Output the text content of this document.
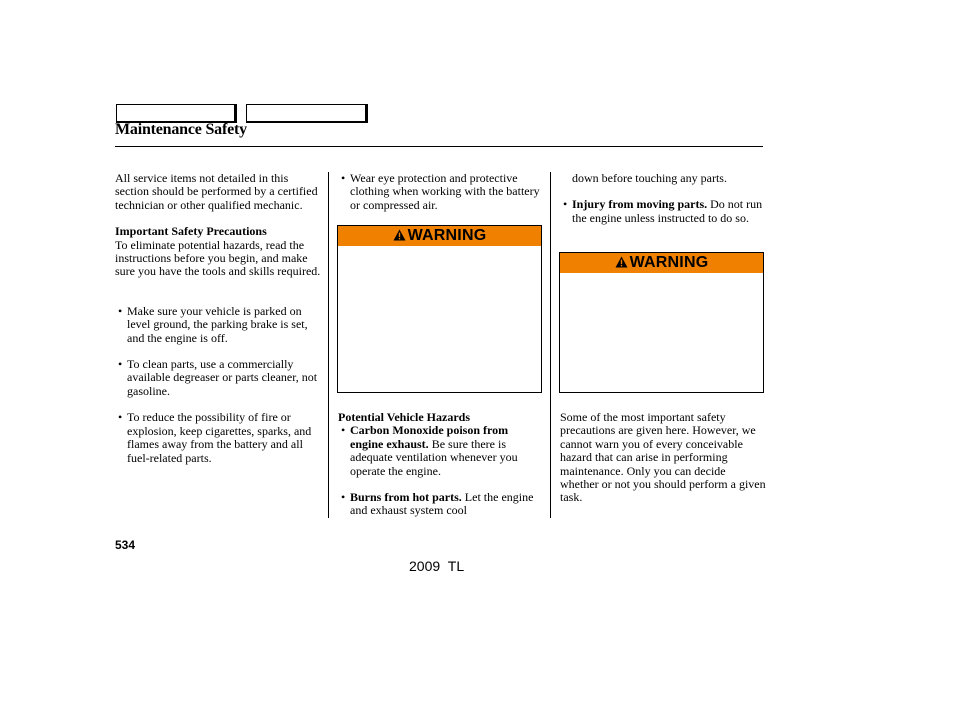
Maintenance Safety

All service items not detailed in this section should be performed by a certified technician or other qualified mechanic.

Important Safety Precautions

To eliminate potential hazards, read the instructions before you begin, and make sure you have the tools and skills required.

• Make sure your vehicle is parked on level ground, the parking brake is set, and the engine is off.

• To clean parts, use a commercially available degreaser or parts cleaner, not gasoline.

• To reduce the possibility of fire or explosion, keep cigarettes, sparks, and flames away from the battery and all fuel-related parts.

• Wear eye protection and protective clothing when working with the battery or compressed air.

WARNING

Potential Vehicle Hazards

• Carbon Monoxide poison from engine exhaust. Be sure there is adequate ventilation whenever you operate the engine.

• Burns from hot parts. Let the engine and exhaust system cool

down before touching any parts.

• Injury from moving parts. Do not run the engine unless instructed to do so.

WARNING

Some of the most important safety precautions are given here. However, we cannot warn you of every conceivable hazard that can arise in performing maintenance. Only you can decide whether or not you should perform a given task.

534
2009 TL
